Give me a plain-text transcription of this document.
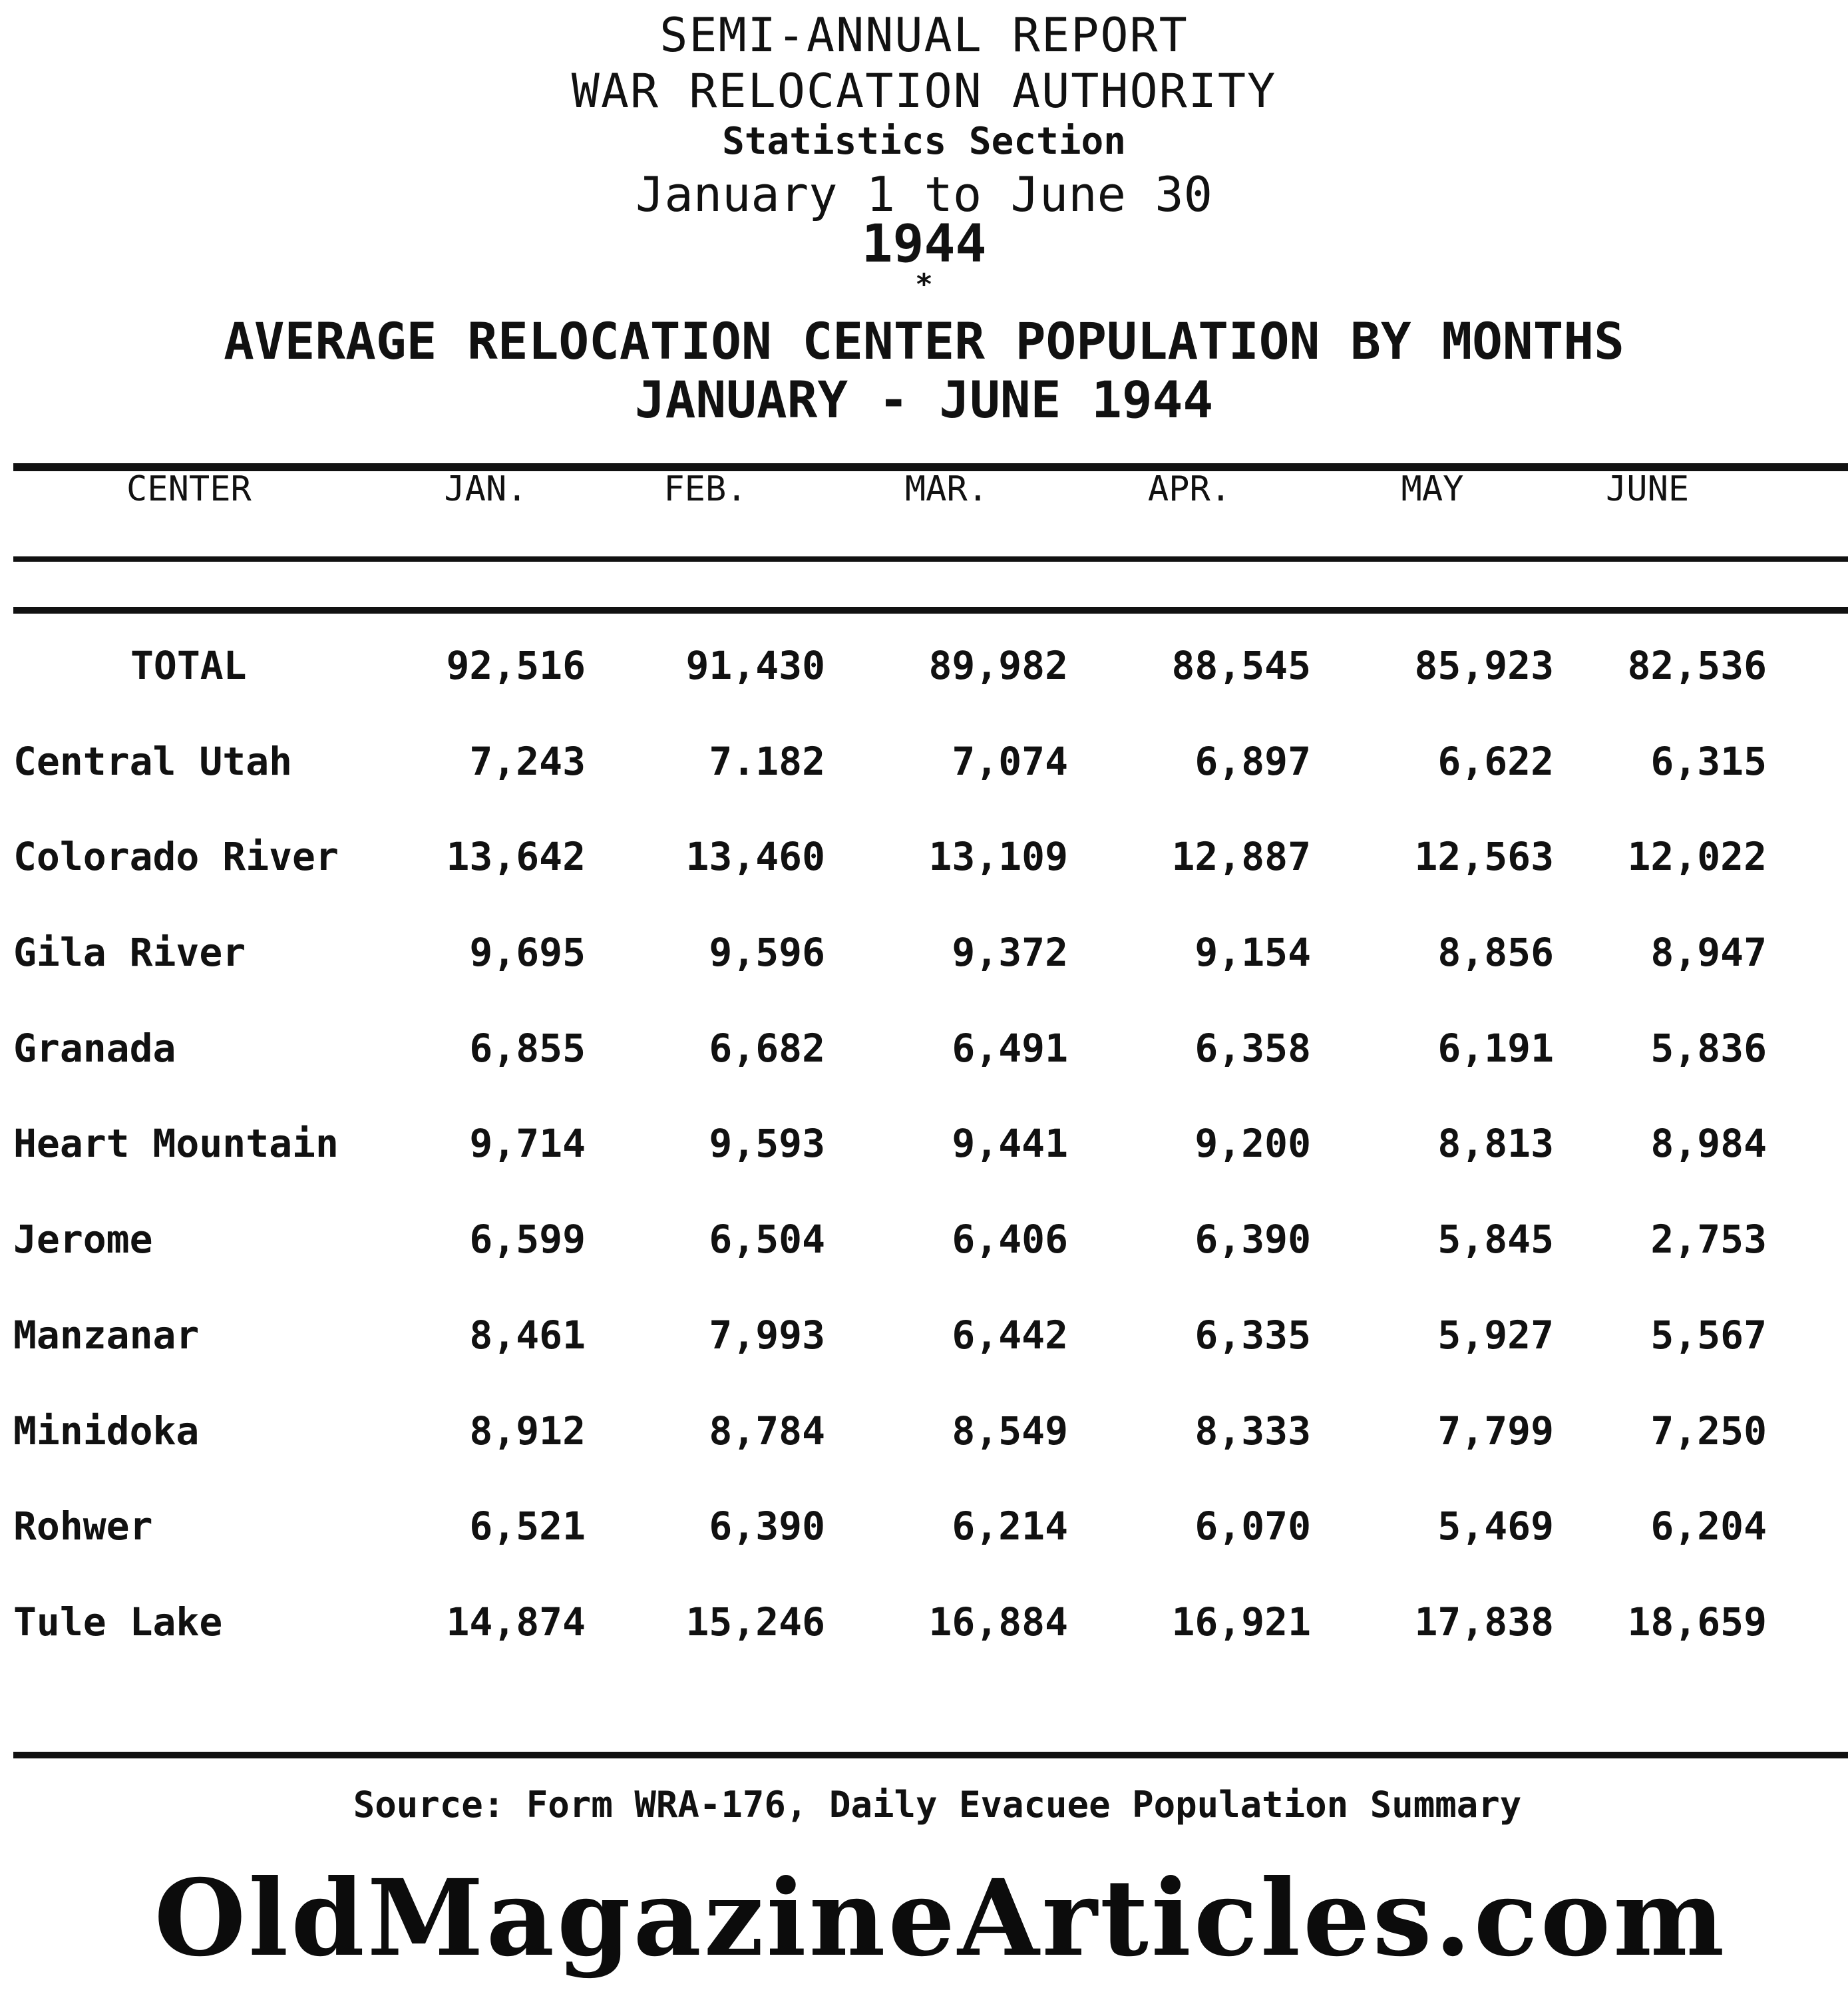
SEMI-ANNUAL REPORT
WAR RELOCATION AUTHORITY
Statistics Section
January 1 to June 30
1944
*
AVERAGE RELOCATION CENTER POPULATION BY MONTHS
JANUARY - JUNE 1944
CENTER	JAN.	FEB.	MAR.	APR.	MAY	JUNE
TOTAL	92,516	91,430	89,982	88,545	85,923	82,536
Central Utah	7,243	7.182	7,074	6,897	6,622	6,315
Colorado River	13,642	13,460	13,109	12,887	12,563	12,022
Gila River	9,695	9,596	9,372	9,154	8,856	8,947
Granada	6,855	6,682	6,491	6,358	6,191	5,836
Heart Mountain	9,714	9,593	9,441	9,200	8,813	8,984
Jerome	6,599	6,504	6,406	6,390	5,845	2,753
Manzanar	8,461	7,993	6,442	6,335	5,927	5,567
Minidoka	8,912	8,784	8,549	8,333	7,799	7,250
Rohwer	6,521	6,390	6,214	6,070	5,469	6,204
Tule Lake	14,874	15,246	16,884	16,921	17,838	18,659
Source: Form WRA-176, Daily Evacuee Population Summary
OldMagazineArticles.com
